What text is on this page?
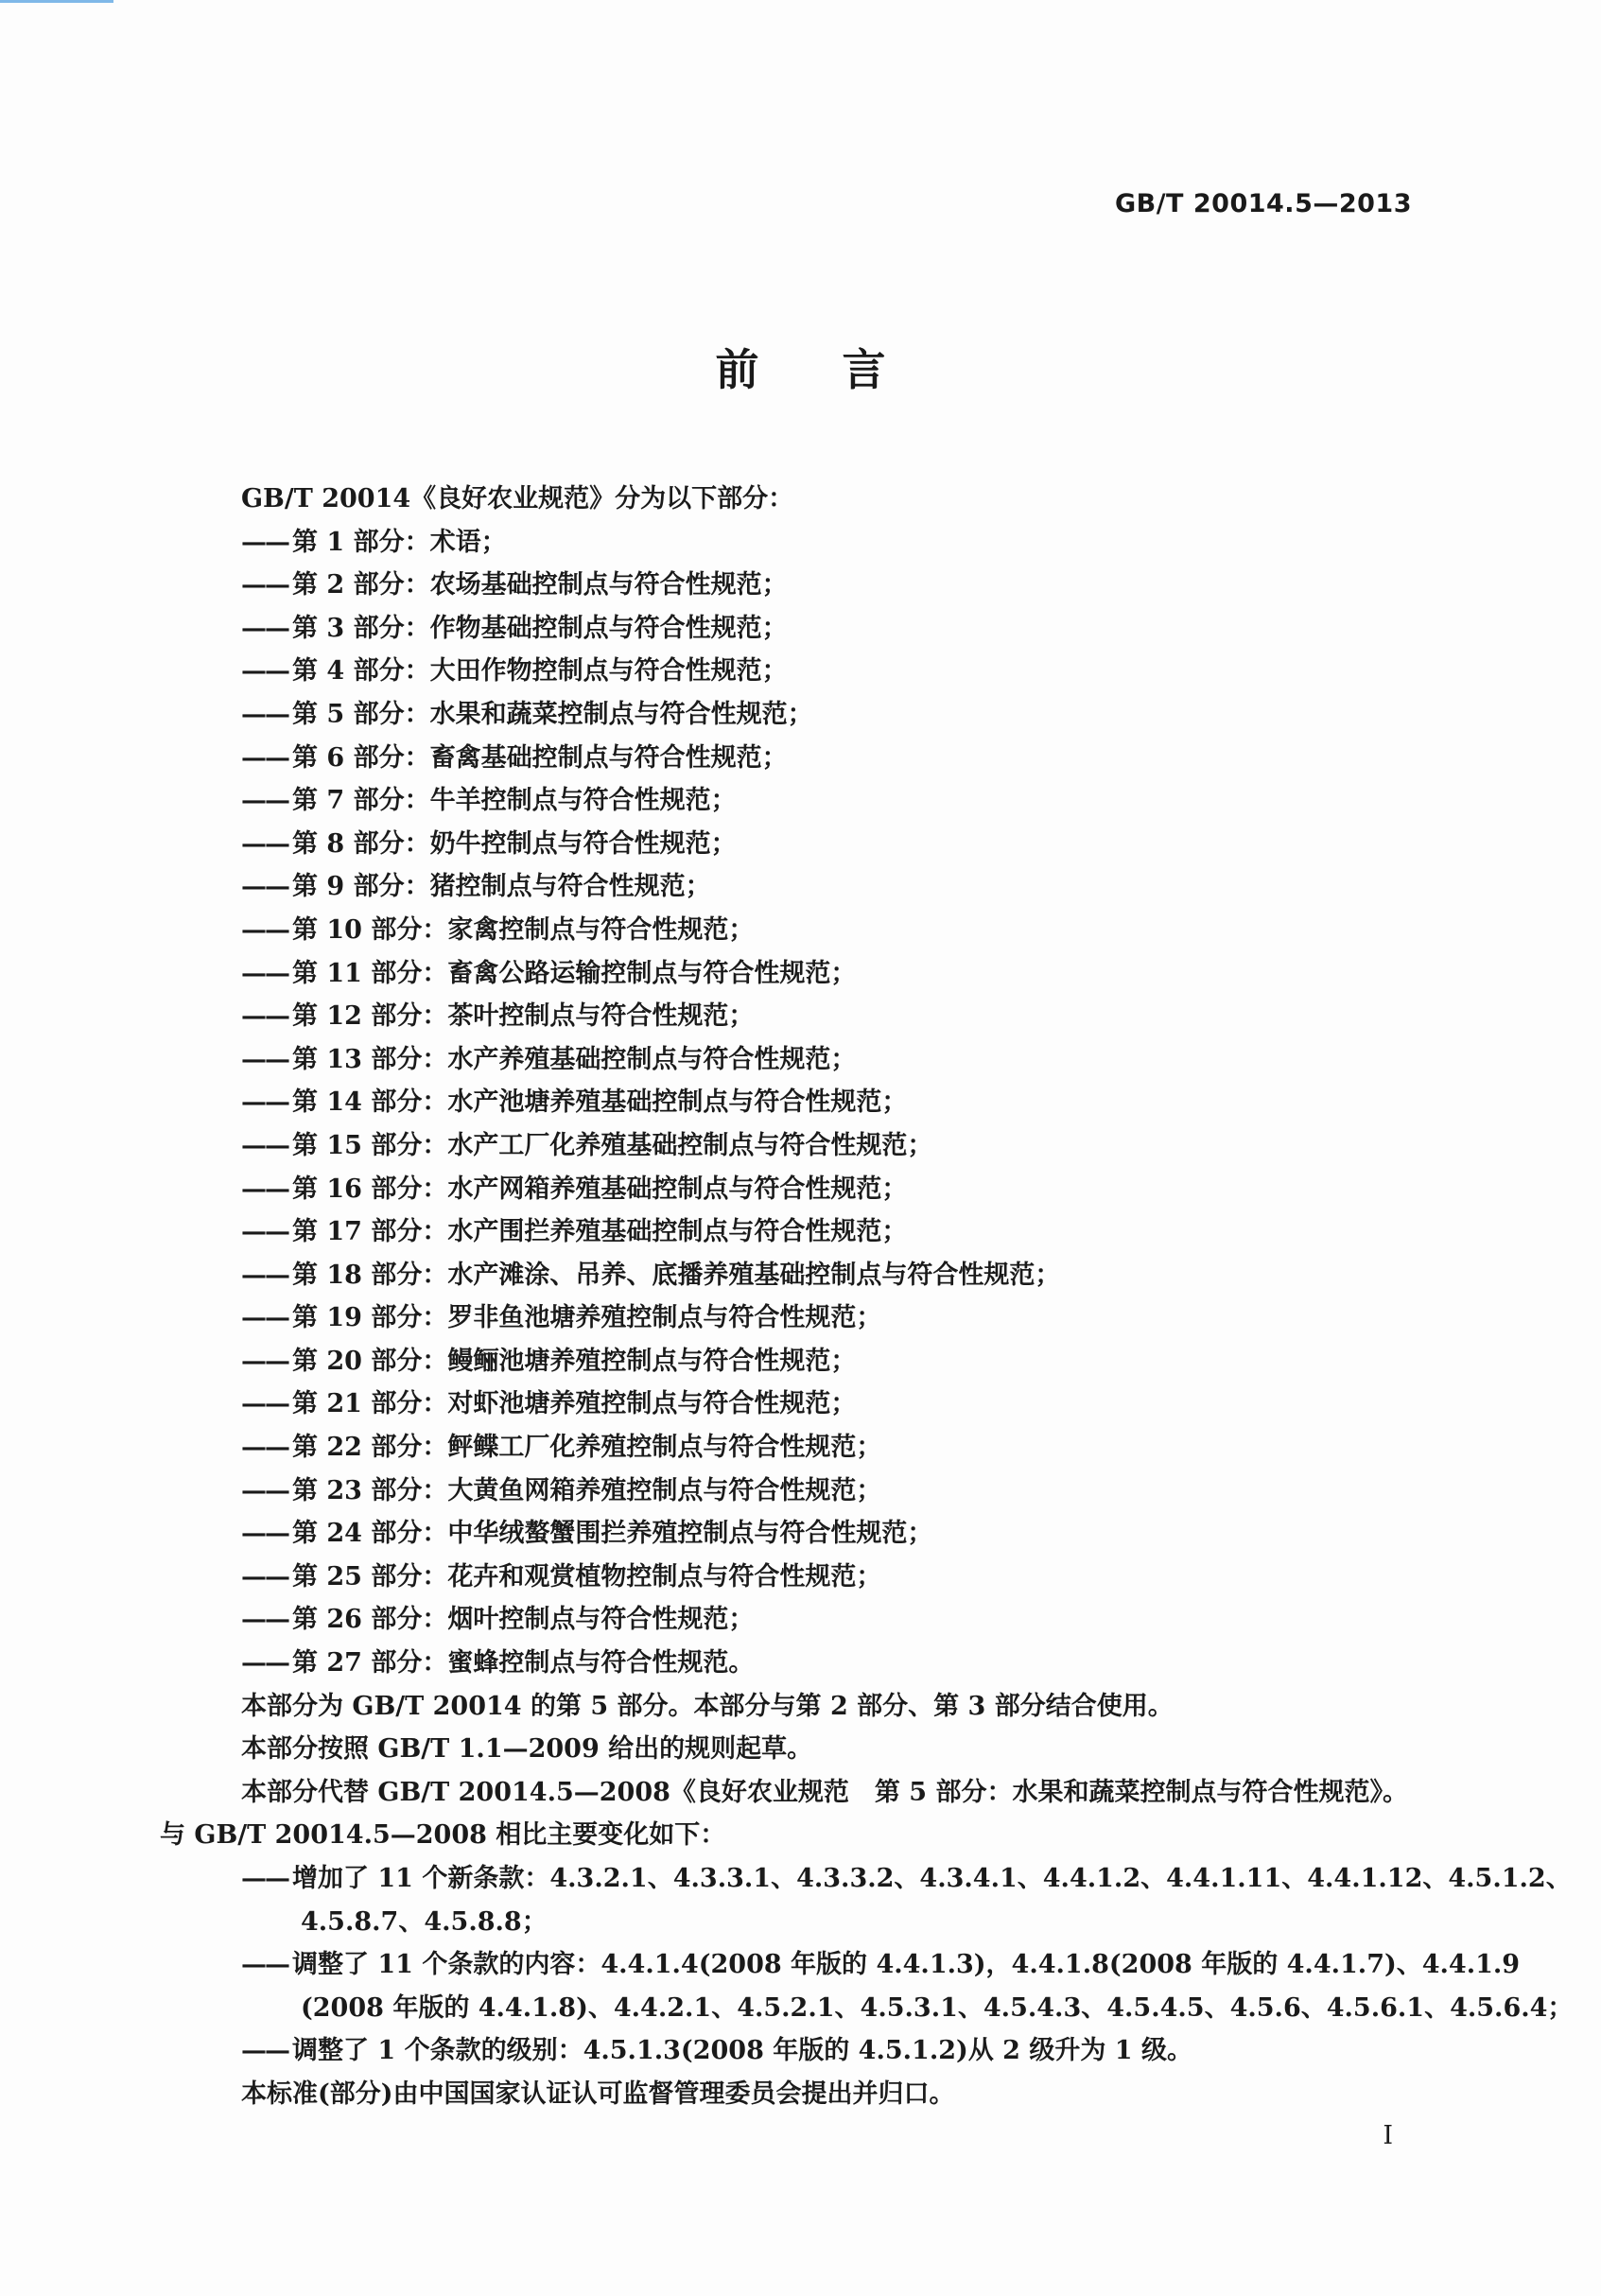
GB/T 20014.5—2013
前言
GB/T 20014《良好农业规范》分为以下部分：
—— 第 1 部分：术语；
—— 第 2 部分：农场基础控制点与符合性规范；
—— 第 3 部分：作物基础控制点与符合性规范；
—— 第 4 部分：大田作物控制点与符合性规范；
—— 第 5 部分：水果和蔬菜控制点与符合性规范；
—— 第 6 部分：畜禽基础控制点与符合性规范；
—— 第 7 部分：牛羊控制点与符合性规范；
—— 第 8 部分：奶牛控制点与符合性规范；
—— 第 9 部分：猪控制点与符合性规范；
—— 第 10 部分：家禽控制点与符合性规范；
—— 第 11 部分：畜禽公路运输控制点与符合性规范；
—— 第 12 部分：茶叶控制点与符合性规范；
—— 第 13 部分：水产养殖基础控制点与符合性规范；
—— 第 14 部分：水产池塘养殖基础控制点与符合性规范；
—— 第 15 部分：水产工厂化养殖基础控制点与符合性规范；
—— 第 16 部分：水产网箱养殖基础控制点与符合性规范；
—— 第 17 部分：水产围拦养殖基础控制点与符合性规范；
—— 第 18 部分：水产滩涂、吊养、底播养殖基础控制点与符合性规范；
—— 第 19 部分：罗非鱼池塘养殖控制点与符合性规范；
—— 第 20 部分：鳗鲡池塘养殖控制点与符合性规范；
—— 第 21 部分：对虾池塘养殖控制点与符合性规范；
—— 第 22 部分：鲆鲽工厂化养殖控制点与符合性规范；
—— 第 23 部分：大黄鱼网箱养殖控制点与符合性规范；
—— 第 24 部分：中华绒螯蟹围拦养殖控制点与符合性规范；
—— 第 25 部分：花卉和观赏植物控制点与符合性规范；
—— 第 26 部分：烟叶控制点与符合性规范；
—— 第 27 部分：蜜蜂控制点与符合性规范。
本部分为 GB/T 20014 的第 5 部分。本部分与第 2 部分、第 3 部分结合使用。
本部分按照 GB/T 1.1—2009 给出的规则起草。
本部分代替 GB/T 20014.5—2008《良好农业规范　第 5 部分：水果和蔬菜控制点与符合性规范》。
与 GB/T 20014.5—2008 相比主要变化如下：
—— 增加了 11 个新条款：4.3.2.1、4.3.3.1、4.3.3.2、4.3.4.1、4.4.1.2、4.4.1.11、4.4.1.12、4.5.1.2、
4.5.8.7、4.5.8.8；
—— 调整了 11 个条款的内容：4.4.1.4(2008 年版的 4.4.1.3)，4.4.1.8(2008 年版的 4.4.1.7)、4.4.1.9
(2008 年版的 4.4.1.8)、4.4.2.1、4.5.2.1、4.5.3.1、4.5.4.3、4.5.4.5、4.5.6、4.5.6.1、4.5.6.4；
—— 调整了 1 个条款的级别：4.5.1.3(2008 年版的 4.5.1.2)从 2 级升为 1 级。
本标准(部分)由中国国家认证认可监督管理委员会提出并归口。
I
